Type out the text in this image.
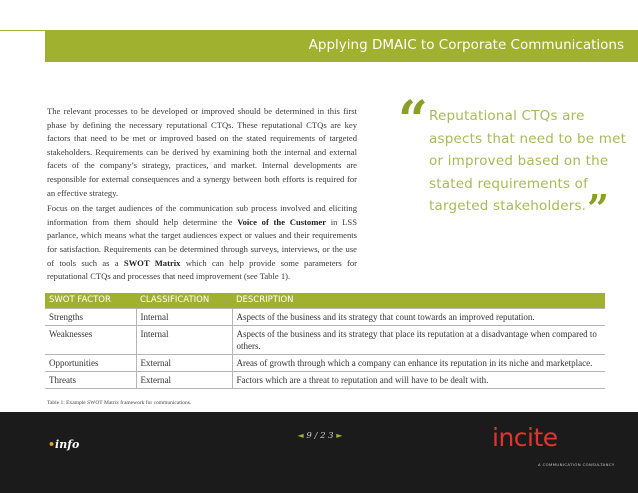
Applying DMAIC to Corporate Communications

The relevant processes to be developed or improved should be determined in this first phase by defining the necessary reputational CTQs. These reputational CTQs are key factors that need to be met or improved based on the stated requirements of targeted stakeholders. Requirements can be derived by examining both the internal and external facets of the company’s strategy, practices, and market. Internal developments are responsible for external consequences and a synergy between both efforts is required for an effective strategy.

Focus on the target audiences of the communication sub process involved and eliciting information from them should help determine the Voice of the Customer in LSS parlance, which means what the target audiences expect or values and their requirements for satisfaction. Requirements can be determined through surveys, interviews, or the use of tools such as a SWOT Matrix which can help provide some parameters for reputational CTQs and processes that need improvement (see Table 1).

“ Reputational CTQs are aspects that need to be met or improved based on the stated requirements of targeted stakeholders.”
SWOT FACTOR	CLASSIFICATION	DESCRIPTION
Strengths	Internal	Aspects of the business and its strategy that count towards an improved reputation.
Weaknesses	Internal	Aspects of the business and its strategy that place its reputation at a disadvantage when compared to others.
Opportunities	External	Areas of growth through which a company can enhance its reputation in its niche and marketplace.
Threats	External	Factors which are a threat to reputation and will have to be dealt with.
Table 1: Example SWOT Matrix framework for communications.
•info
◄ 9 / 2 3 ►	incite
A COMMUNICATION CONSULTANCY
